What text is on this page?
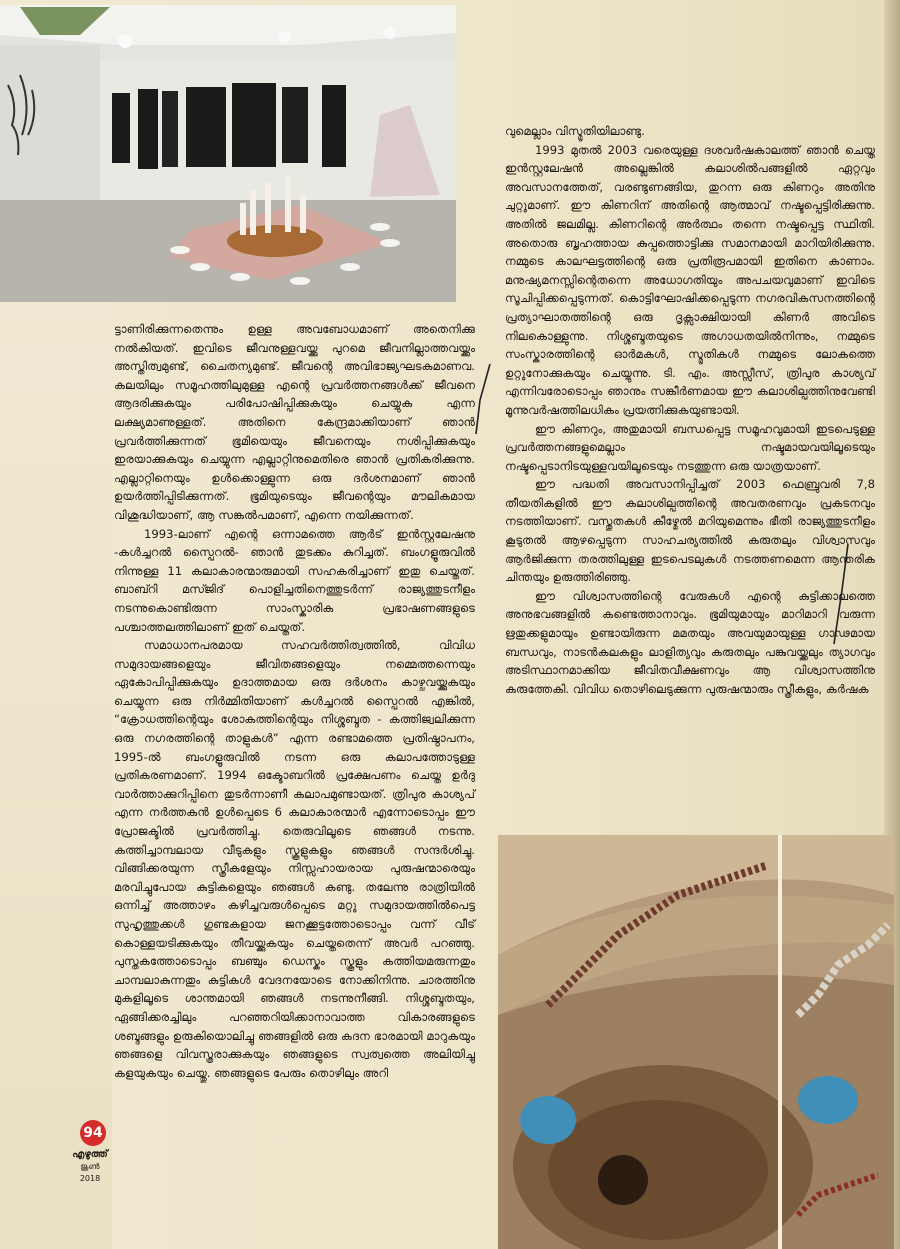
ട്ടാണിരിക്കുന്നതെന്നും ഉള്ള അവബോധമാണ് അതെനിക്കു നൽകിയത്. ഇവിടെ ജീവനുള്ളവയ്ക്കു പുറമെ ജീവനില്ലാത്തവയ്ക്കും അസ്തിത്വമുണ്ട്, ചൈതന്യമുണ്ട്. ജീവന്റെ അവിഭാജ്യഘടകമാണവ. കലയിലും സമൂഹത്തിലുമുള്ള എന്റെ പ്രവർത്തനങ്ങൾക്ക് ജീവനെ ആദരിക്കുകയും പരിപോഷിപ്പിക്കുകയും ചെയ്യുക എന്ന ലക്ഷ്യമാണുള്ളത്. അതിനെ കേന്ദ്രമാക്കിയാണ് ഞാൻ പ്രവർത്തിക്കുന്നത് ഭൂമിയെയും ജീവനെയും നശിപ്പിക്കുകയും ഇരയാക്കുകയും ചെയ്യുന്ന എല്ലാറ്റിനുമെതിരെ ഞാൻ പ്രതികരിക്കുന്നു. എല്ലാറ്റിനെയും ഉൾക്കൊള്ളുന്ന ഒരു ദർശനമാണ് ഞാൻ ഉയർത്തിപ്പിടിക്കുന്നത്. ഭൂമിയുടെയും ജീവന്റെയും മൗലികമായ വിശുദ്ധിയാണ്, ആ സങ്കൽപമാണ്, എന്നെ നയിക്കുന്നത്.

1993-ലാണ് എന്റെ ഒന്നാമത്തെ ആർട് ഇൻസ്റ്റലേഷനു -കൾച്ചറൽ സ്പൈറൽ- ഞാൻ തുടക്കം കുറിച്ചത്. ബംഗളൂരുവിൽ നിന്നുള്ള 11 കലാകാരന്മാരുമായി സഹകരിച്ചാണ് ഇതു ചെയ്തത്. ബാബ്റി മസ്ജിദ് പൊളിച്ചതിനെത്തുടർന്ന് രാജ്യത്തുടനീളം നടന്നുകൊണ്ടിരുന്ന സാംസ്കാരിക പ്രഭാഷണങ്ങളുടെ പശ്ചാത്തലത്തിലാണ് ഇത് ചെയ്തത്.

സമാധാനപരമായ സഹവർത്തിത്വത്തിൽ, വിവിധ സമുദായങ്ങളെയും ജീവിതങ്ങളെയും നമ്മെത്തന്നെയും ഏകോപിപ്പിക്കുകയും ഉദാത്തമായ ഒരു ദർശനം കാഴ്ചവയ്ക്കുകയും ചെയ്യുന്ന ഒരു നിർമ്മിതിയാണ് കൾച്ചറൽ സ്പൈറൽ എങ്കിൽ, “ക്രോധത്തിന്റെയും ശോകത്തിന്റെയും നിശ്ശബ്ദത - കത്തിജ്വലിക്കുന്ന ഒരു നഗരത്തിന്റെ താളുകൾ” എന്ന രണ്ടാമത്തെ പ്രതിഷ്ഠാപനം, 1995-ൽ ബംഗളൂരുവിൽ നടന്ന ഒരു കലാപത്തോടുള്ള പ്രതികരണമാണ്. 1994 ഒക്ടോബറിൽ പ്രക്ഷേപണം ചെയ്ത ഉർദു വാർത്താക്കുറിപ്പിനെ തുടർന്നാണീ കലാപമുണ്ടായത്. ത്രിപുര കാശ്യപ് എന്ന നർത്തകൻ ഉൾപ്പെടെ 6 കലാകാരന്മാർ എന്നോടൊപ്പം ഈ പ്രോജക്ടിൽ പ്രവർത്തിച്ചു. തെരുവിലൂടെ ഞങ്ങൾ നടന്നു. കത്തിച്ചാമ്പലായ വീടുകളും സ്കൂളുകളും ഞങ്ങൾ സന്ദർശിച്ചു. വിങ്ങിക്കരയുന്ന സ്ത്രീകളേയും നിസ്സഹായരായ പുരുഷന്മാരെയും മരവിച്ചുപോയ കുട്ടികളെയും ഞങ്ങൾ കണ്ടു. തലേന്നു രാത്രിയിൽ ഒന്നിച്ച് അത്താഴം കഴിച്ചവരുൾപ്പെടെ മറ്റു സമുദായത്തിൽപെട്ട സുഹൃത്തുക്കൾ ഗുണ്ടകളായ ജനക്കൂട്ടത്തോടൊപ്പം വന്ന് വീട് കൊള്ളയടിക്കുകയും തീവയ്ക്കുകയും ചെയ്തതെന്ന് അവർ പറഞ്ഞു. പുസ്തകത്തോടൊപ്പം ബഞ്ചും ഡെസ്കും സ്കൂളും കത്തിയമരുന്നതും ചാമ്പലാകുന്നതും കുട്ടികൾ വേദനയോടെ നോക്കിനിന്നു. ചാരത്തിനു മുകളിലൂടെ ശാന്തമായി ഞങ്ങൾ നടന്നുനീങ്ങി. നിശ്ശബ്ദതയും, ഏങ്ങിക്കരച്ചിലും പറഞ്ഞറിയിക്കാനാവാത്ത വികാരങ്ങളുടെ ശബ്ദങ്ങളും ഉരുകിയൊലിച്ചു ഞങ്ങളിൽ ഒരു കദന ഭാരമായി മാറുകയും ഞങ്ങളെ വിവസ്ത്രരാക്കുകയും ഞങ്ങളുടെ സ്വത്വത്തെ അലിയിച്ചു കളയുകയും ചെയ്തു. ഞങ്ങളുടെ പേരും തൊഴിലും അറി

വുമെല്ലാം വിസ്മൃതിയിലാണ്ടു.

1993 മുതൽ 2003 വരെയുള്ള ദശവർഷകാലത്ത് ഞാൻ ചെയ്ത ഇൻസ്റ്റലേഷൻ അല്ലെങ്കിൽ കലാശിൽപങ്ങളിൽ ഏറ്റവും അവസാനത്തേത്, വരണ്ടുണങ്ങിയ, തുറന്ന ഒരു കിണറും അതിനു ചുറ്റുമാണ്. ഈ കിണറിന് അതിന്റെ ആത്മാവ് നഷ്ടപ്പെട്ടിരിക്കുന്നു. അതിൽ ജലമില്ല. കിണറിന്റെ അർത്ഥം തന്നെ നഷ്ടപ്പെട്ട സ്ഥിതി. അതൊരു ബൃഹത്തായ കുപ്പത്തൊട്ടിക്കു സമാനമായി മാറിയിരിക്കുന്നു. നമ്മുടെ കാലഘട്ടത്തിന്റെ ഒരു പ്രതിരൂപമായി ഇതിനെ കാണാം. മനുഷ്യമനസ്സിന്റെതന്നെ അധോഗതിയും അപചയവുമാണ് ഇവിടെ സൂചിപ്പിക്കപ്പെടുന്നത്. കൊട്ടിഘോഷിക്കപ്പെടുന്ന നഗരവികസനത്തിന്റെ പ്രത്യാഘാതത്തിന്റെ ഒരു ദൃക്സാക്ഷിയായി കിണർ അവിടെ നിലകൊള്ളുന്നു. നിശ്ശബ്ദതയുടെ അഗാധതയിൽനിന്നും, നമ്മുടെ സംസ്കാരത്തിന്റെ ഓർമകൾ, സ്മൃതികൾ നമ്മുടെ ലോകത്തെ ഉറ്റുനോക്കുകയും ചെയ്യുന്നു. ടി. എം. അസ്സീസ്, ത്രിപുര കാശ്യവ് എന്നിവരോടൊപ്പം ഞാനും സങ്കീർണമായ ഈ കലാശില്പത്തിനുവേണ്ടി മൂന്നുവർഷത്തിലധികം പ്രയത്നിക്കുകയുണ്ടായി.

ഈ കിണറും, അതുമായി ബന്ധപ്പെട്ട സമൂഹവുമായി ഇടപെടുള്ള പ്രവർത്തനങ്ങളുമെല്ലാം നഷ്ടമായവയിലൂടെയും നഷ്ടപ്പെടാനിടയുള്ളവയിലൂടെയും നടത്തുന്ന ഒരു യാത്രയാണ്.

ഈ പദ്ധതി അവസാനിപ്പിച്ചത് 2003 ഫെബ്രുവരി 7,8 തീയതികളിൽ ഈ കലാശില്പത്തിന്റെ അവതരണവും പ്രകടനവും നടത്തിയാണ്. വസ്തുതകൾ കീഴ്മേൽ മറിയുമെന്നും ഭീതി രാജ്യത്തുടനീളം കൂടുതൽ ആഴപ്പെടുന്ന സാഹചര്യത്തിൽ കരുതലും വിശ്വാസവും ആർജിക്കുന്ന തരത്തിലുള്ള ഇടപെടലുകൾ നടത്തണമെന്ന ആന്തരിക ചിന്തയും ഉരുത്തിരിഞ്ഞു.

ഈ വിശ്വാസത്തിന്റെ വേരുകൾ എന്റെ കുട്ടിക്കാലത്തെ അനുഭവങ്ങളിൽ കണ്ടെത്താനാവും. ഭൂമിയുമായും മാറിമാറി വരുന്ന ഋതുക്കളുമായും ഉണ്ടായിരുന്ന മമതയും അവയുമായുള്ള ഗാഢമായ ബന്ധവും, നാടൻകലകളും ലാളിത്യവും കരുതലും പങ്കുവയ്ക്കലും ത്യാഗവും അടിസ്ഥാനമാക്കിയ ജീവിതവീക്ഷണവും ആ വിശ്വാസത്തിനു കരുത്തേകി. വിവിധ തൊഴിലെടുക്കുന്ന പുരുഷന്മാരും സ്ത്രീകളും, കർഷക

94
എഴുത്ത്
ജൂൺ
2018
